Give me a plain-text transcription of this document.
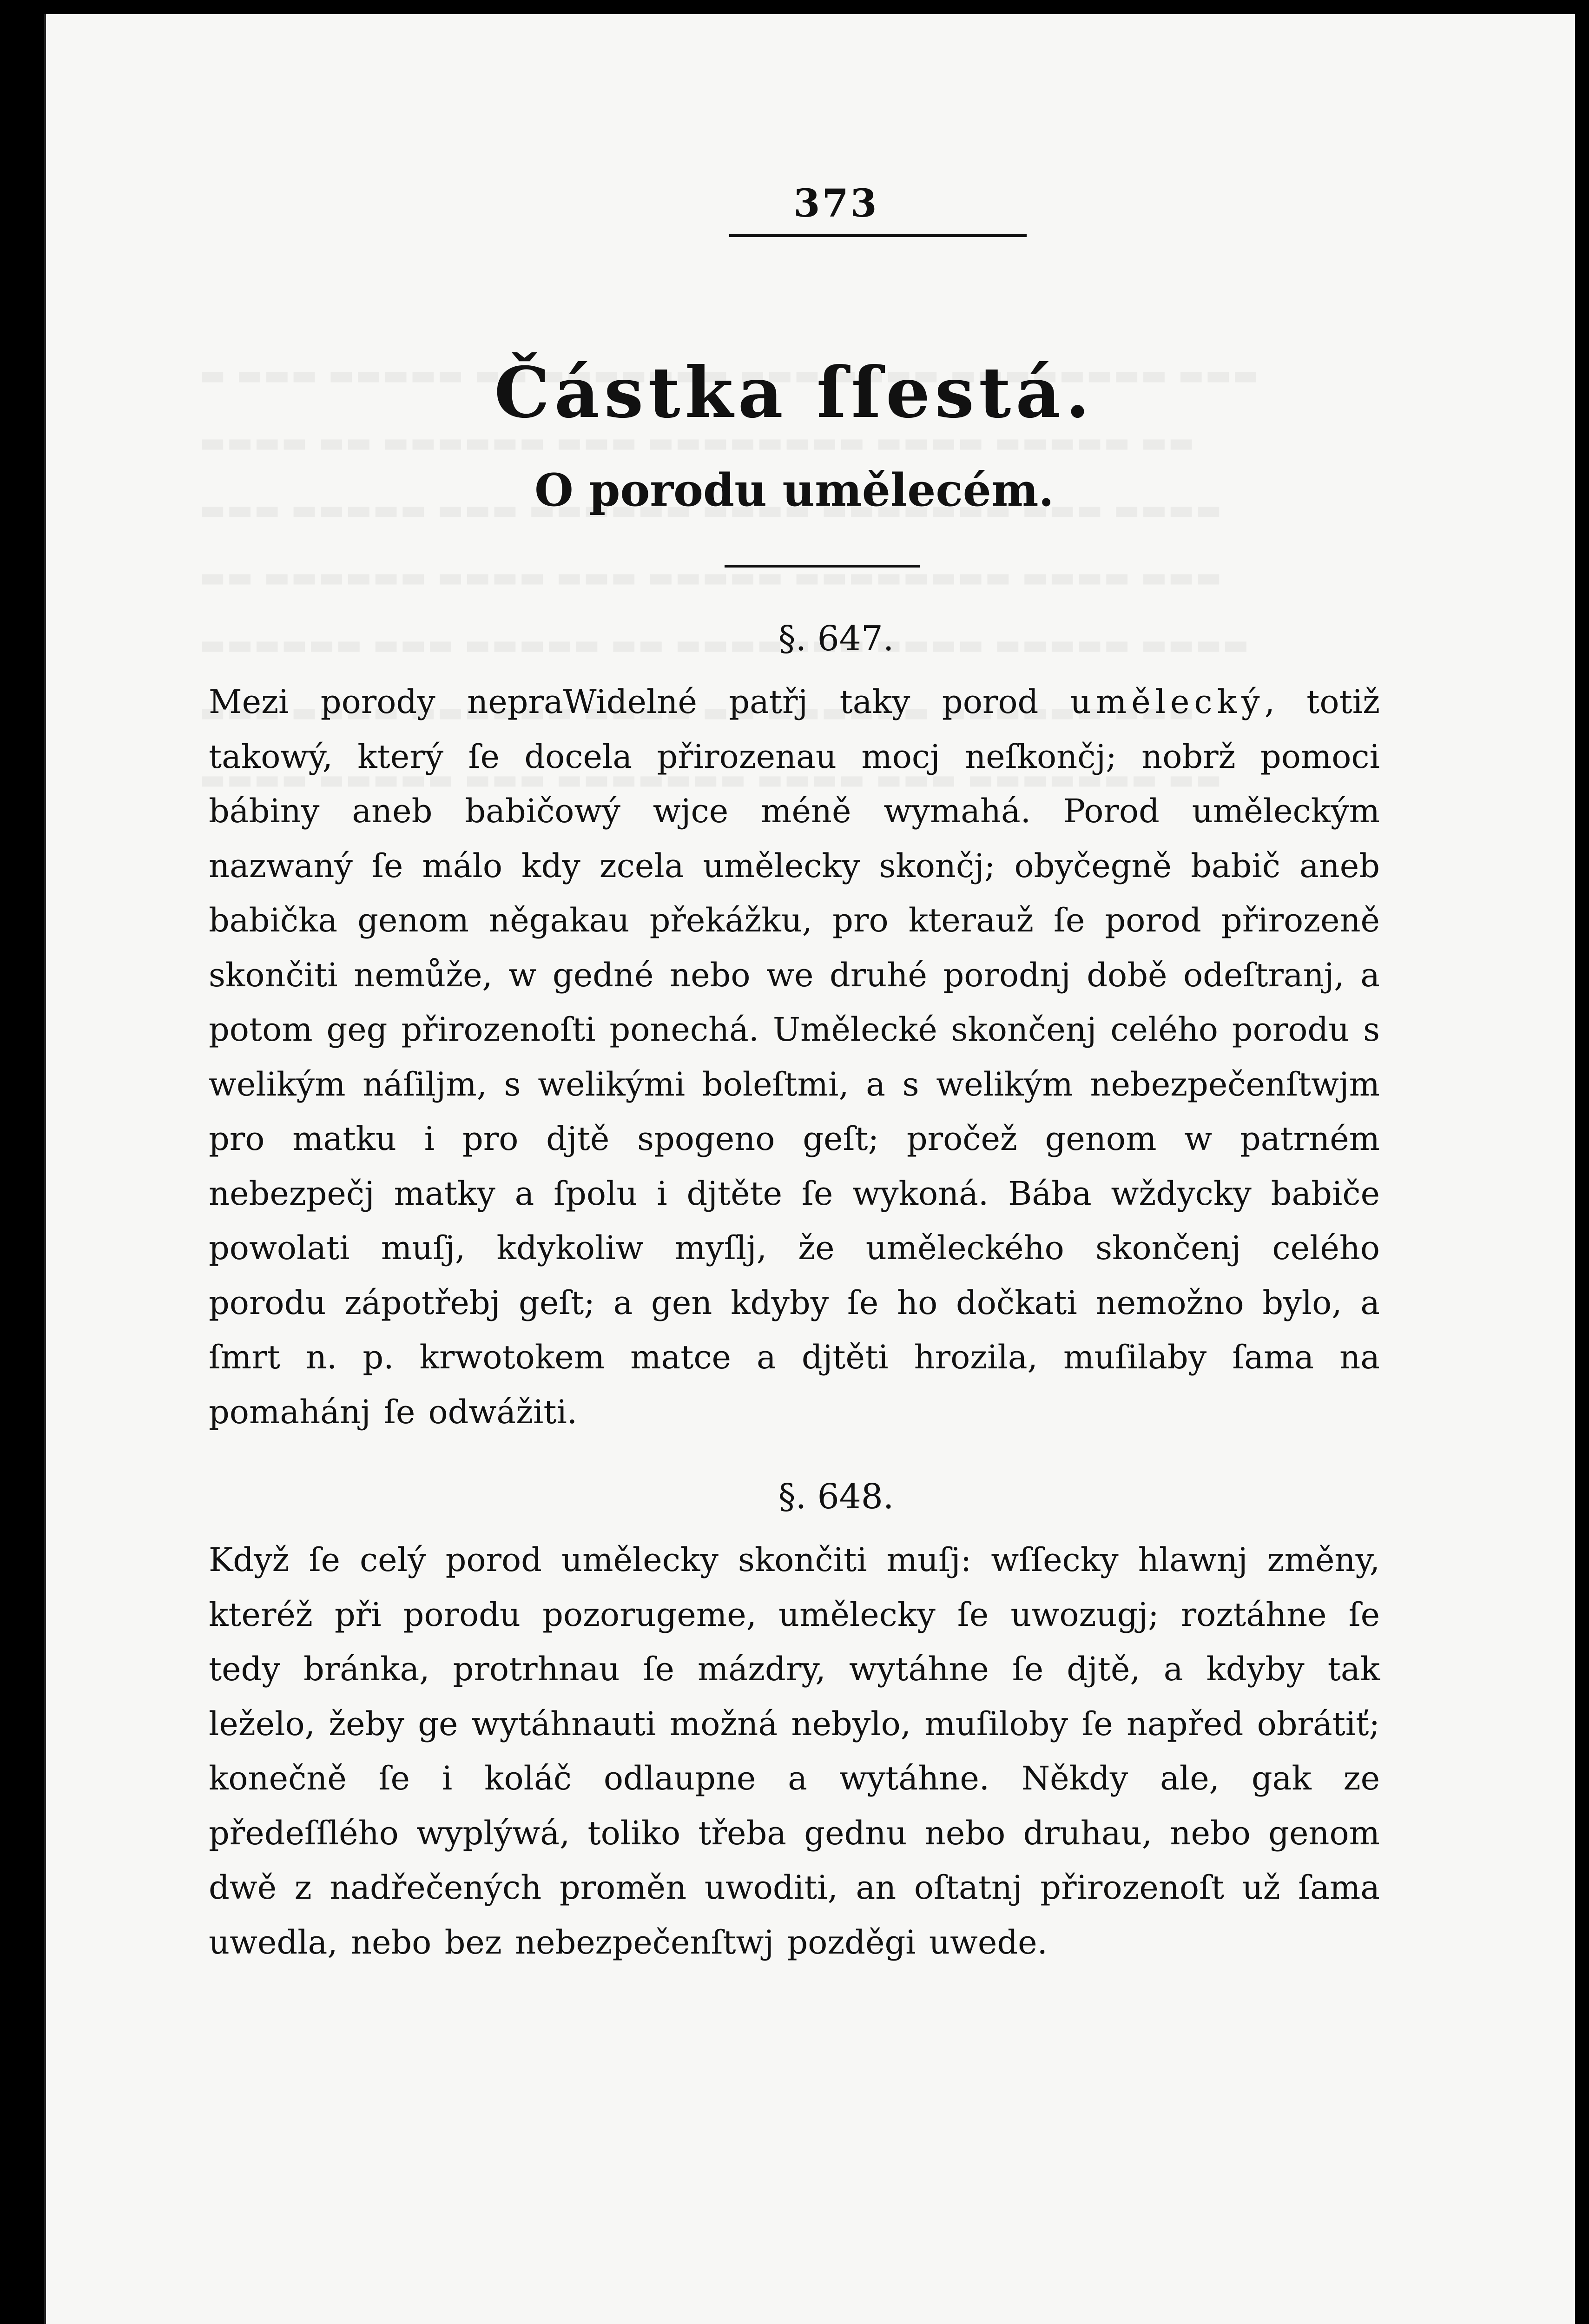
373
Částka ſſestá.
O porodu umělecém.
§. 647.

Mezi porody nepraWidelné patřj taky porod umělecký, totiž takowý, který ſe docela přirozenau mocj neſkončj; nobrž pomoci bábiny aneb babičowý wjce méně wymahá. Porod uměleckým nazwaný ſe málo kdy zcela umělecky skončj; obyčegně babič aneb babička genom něgakau překážku, pro kterauž ſe porod přirozeně skončiti nemůže, w gedné nebo we druhé porodnj době odeſtranj, a potom geg přirozenoſti ponechá. Umělecké skončenj celého porodu s welikým náſiljm, s welikými boleſtmi, a s welikým nebezpečenſtwjm pro matku i pro djtě spogeno geſt; pročež genom w patrném nebezpečj matky a ſpolu i djtěte ſe wykoná. Bába wždycky babiče powolati muſj, kdykoliw myſlj, že uměleckého skončenj celého porodu zápotřebj geſt; a gen kdyby ſe ho dočkati nemožno bylo, a ſmrt n. p. krwotokem matce a djtěti hrozila, muſilaby ſama na pomahánj ſe odwážiti.

§. 648.

Když ſe celý porod umělecky skončiti muſj: wſſecky hlawnj změny, kteréž při porodu pozorugeme, umělecky ſe uwozugj; roztáhne ſe tedy bránka, protrhnau ſe mázdry, wytáhne ſe djtě, a kdyby tak leželo, žeby ge wytáhnauti možná nebylo, muſiloby ſe napřed obrátiť; konečně ſe i koláč odlaupne a wytáhne. Někdy ale, gak ze předeſſlého wyplýwá, toliko třeba gednu nebo druhau, nebo genom dwě z nadřečených proměn uwoditi, an oſtatnj přirozenoſt už ſama uwedla, nebo bez nebezpečenſtwj pozděgi uwede.
